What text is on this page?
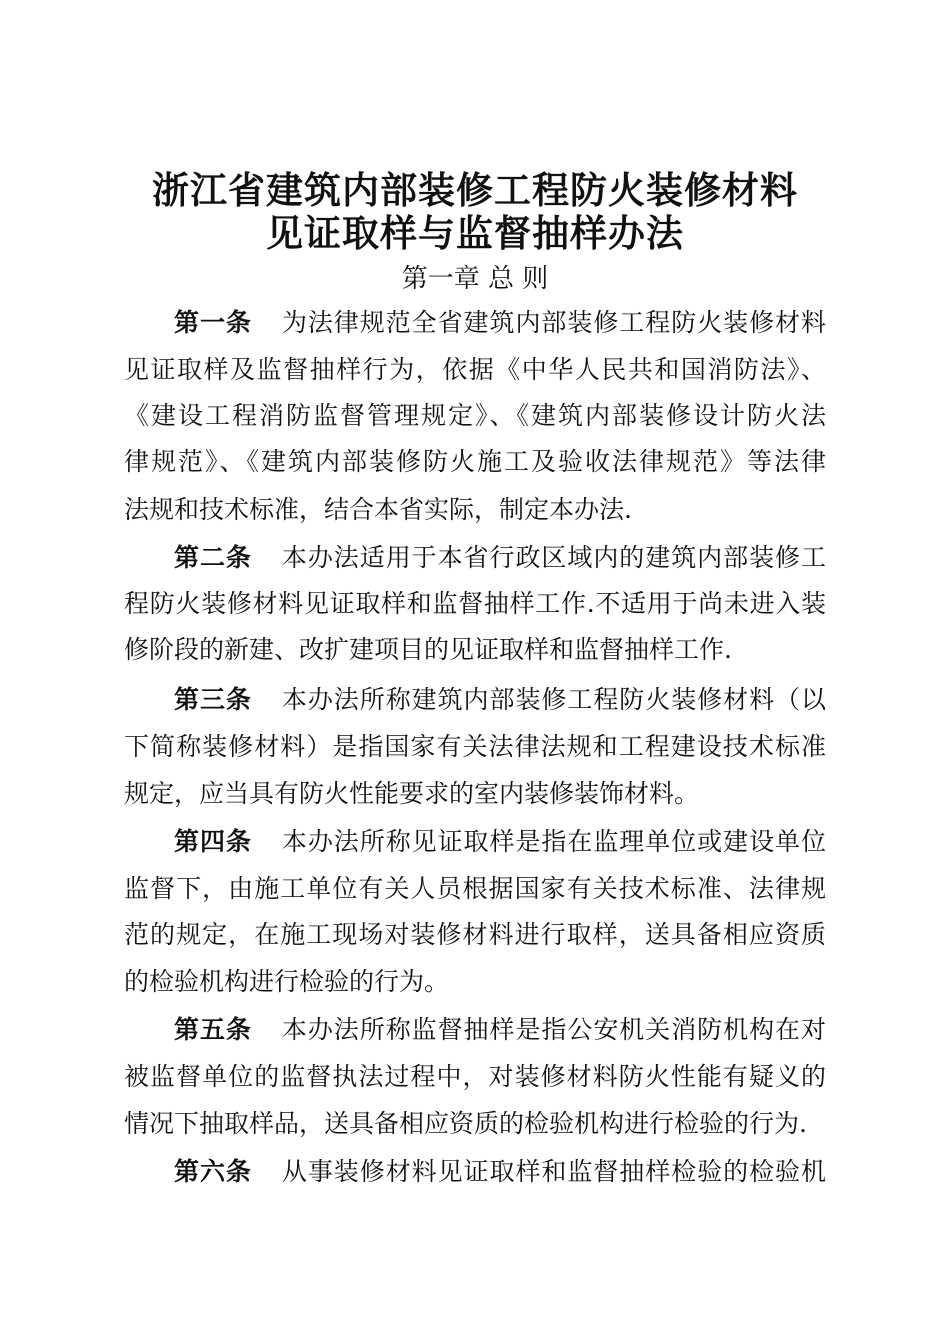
浙江省建筑内部装修工程防火装修材料
见证取样与监督抽样办法
第一章 总 则
第一条 为法律规范全省建筑内部装修工程防火装修材料
见证取样及监督抽样行为，依据《中华人民共和国消防法》、
《建设工程消防监督管理规定》、《建筑内部装修设计防火法
律规范》、《建筑内部装修防火施工及验收法律规范》等法律
法规和技术标准，结合本省实际，制定本办法.
第二条 本办法适用于本省行政区域内的建筑内部装修工
程防火装修材料见证取样和监督抽样工作.不适用于尚未进入装
修阶段的新建、改扩建项目的见证取样和监督抽样工作.
第三条 本办法所称建筑内部装修工程防火装修材料（以
下简称装修材料）是指国家有关法律法规和工程建设技术标准
规定，应当具有防火性能要求的室内装修装饰材料。
第四条 本办法所称见证取样是指在监理单位或建设单位
监督下，由施工单位有关人员根据国家有关技术标准、法律规
范的规定，在施工现场对装修材料进行取样，送具备相应资质
的检验机构进行检验的行为。
第五条 本办法所称监督抽样是指公安机关消防机构在对
被监督单位的监督执法过程中，对装修材料防火性能有疑义的
情况下抽取样品，送具备相应资质的检验机构进行检验的行为.
第六条 从事装修材料见证取样和监督抽样检验的检验机
